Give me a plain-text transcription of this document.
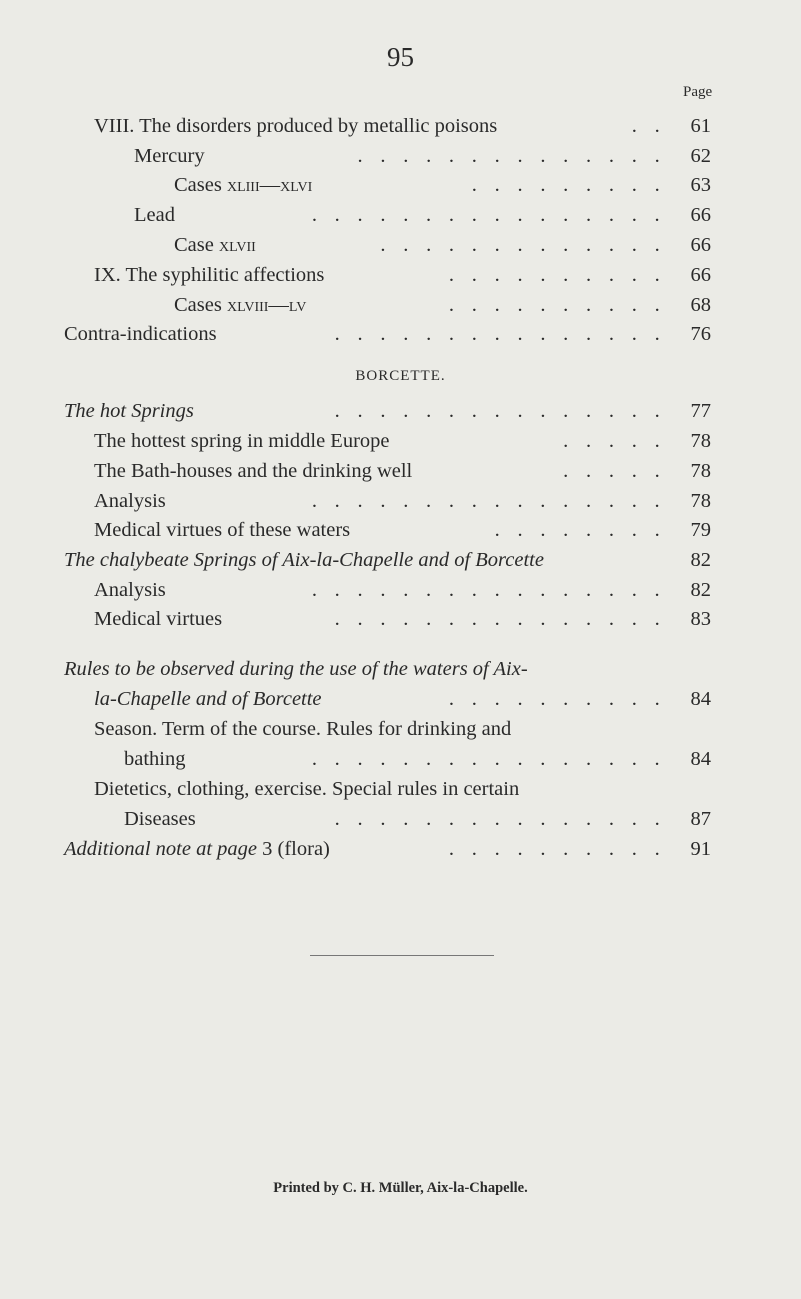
95
Page
VIII. The disorders produced by metallic poisons	. .	61
Mercury	. . . . . . . . . . . . . .	62
Cases xliii—xlvi	. . . . . . . . .	63
Lead	. . . . . . . . . . . . . . . .	66
Case xlvii	. . . . . . . . . . . . .	66
IX. The syphilitic affections	. . . . . . . . . .	66
Cases xlviii—lv	. . . . . . . . . .	68
Contra-indications	. . . . . . . . . . . . . . .	76
BORCETTE.
The hot Springs	. . . . . . . . . . . . . . .	77
The hottest spring in middle Europe	. . . . .	78
The Bath-houses and the drinking well	. . . . .	78
Analysis	. . . . . . . . . . . . . . . .	78
Medical virtues of these waters	. . . . . . . .	79
The chalybeate Springs of Aix-la-Chapelle and of Borcette	82
Analysis	. . . . . . . . . . . . . . . .	82
Medical virtues	. . . . . . . . . . . . . . .	83
Rules to be observed during the use of the waters of Aix-
la-Chapelle and of Borcette	. . . . . . . . . .	84
Season. Term of the course. Rules for drinking and
bathing	. . . . . . . . . . . . . . . .	84
Dietetics, clothing, exercise. Special rules in certain
Diseases	. . . . . . . . . . . . . . .	87
Additional note at page 3 (flora)	. . . . . . . . . .	91
Printed by C. H. Müller, Aix-la-Chapelle.
